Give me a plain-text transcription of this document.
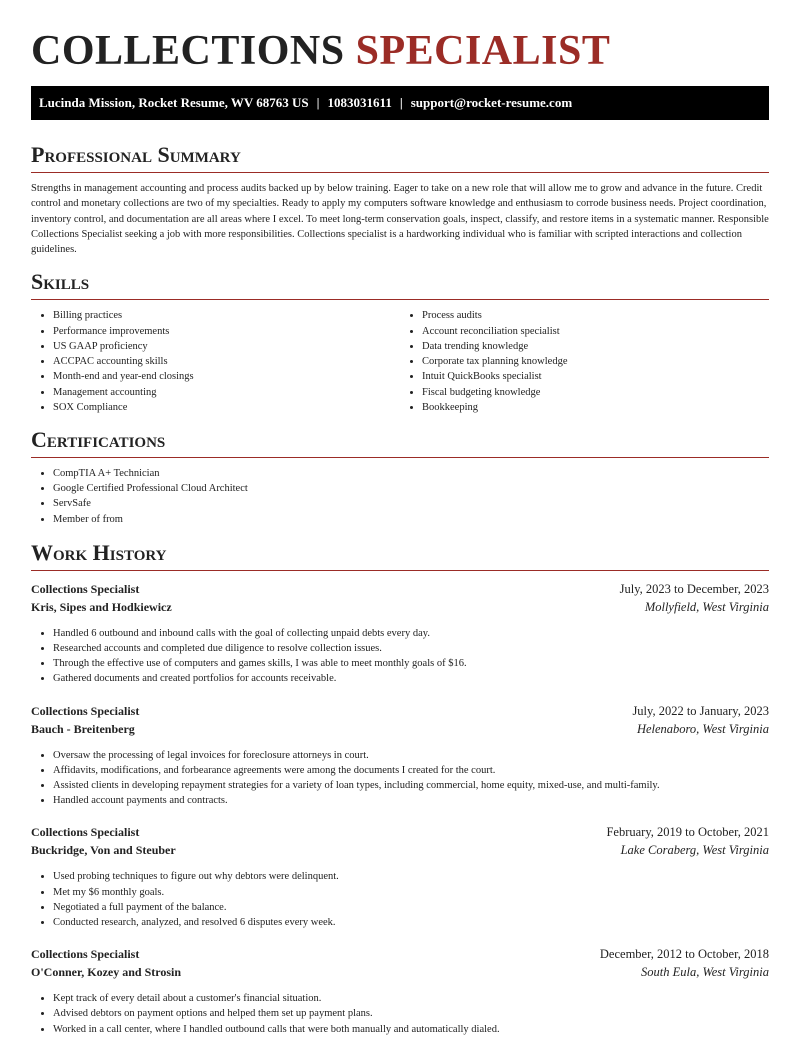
COLLECTIONS SPECIALIST
Lucinda Mission, Rocket Resume, WV 68763 US | 1083031611 | support@rocket-resume.com
Professional Summary

Strengths in management accounting and process audits backed up by below training. Eager to take on a new role that will allow me to grow and advance in the future. Credit control and monetary collections are two of my specialties. Ready to apply my computers software knowledge and enthusiasm to corrode business needs. Project coordination, inventory control, and documentation are all areas where I excel. To meet long-term conservation goals, inspect, classify, and restore items in a systematic manner. Responsible Collections Specialist seeking a job with more responsibilities. Collections specialist is a hardworking individual who is familiar with scripted interactions and collection guidelines.

Skills
• Billing practices
• Performance improvements
• US GAAP proficiency
• ACCPAC accounting skills
• Month-end and year-end closings
• Management accounting
• SOX Compliance
• Process audits
• Account reconciliation specialist
• Data trending knowledge
• Corporate tax planning knowledge
• Intuit QuickBooks specialist
• Fiscal budgeting knowledge
• Bookkeeping
Certifications
• CompTIA A+ Technician
• Google Certified Professional Cloud Architect
• ServSafe
• Member of from
Work History
Collections Specialist	July, 2023 to December, 2023
Kris, Sipes and Hodkiewicz	Mollyfield, West Virginia
• Handled 6 outbound and inbound calls with the goal of collecting unpaid debts every day.
• Researched accounts and completed due diligence to resolve collection issues.
• Through the effective use of computers and games skills, I was able to meet monthly goals of $16.
• Gathered documents and created portfolios for accounts receivable.
Collections Specialist	July, 2022 to January, 2023
Bauch - Breitenberg	Helenaboro, West Virginia
• Oversaw the processing of legal invoices for foreclosure attorneys in court.
• Affidavits, modifications, and forbearance agreements were among the documents I created for the court.
• Assisted clients in developing repayment strategies for a variety of loan types, including commercial, home equity, mixed-use, and multi-family.
• Handled account payments and contracts.
Collections Specialist	February, 2019 to October, 2021
Buckridge, Von and Steuber	Lake Coraberg, West Virginia
• Used probing techniques to figure out why debtors were delinquent.
• Met my $6 monthly goals.
• Negotiated a full payment of the balance.
• Conducted research, analyzed, and resolved 6 disputes every week.
Collections Specialist	December, 2012 to October, 2018
O'Conner, Kozey and Strosin	South Eula, West Virginia
• Kept track of every detail about a customer's financial situation.
• Advised debtors on payment options and helped them set up payment plans.
• Worked in a call center, where I handled outbound calls that were both manually and automatically dialed.
